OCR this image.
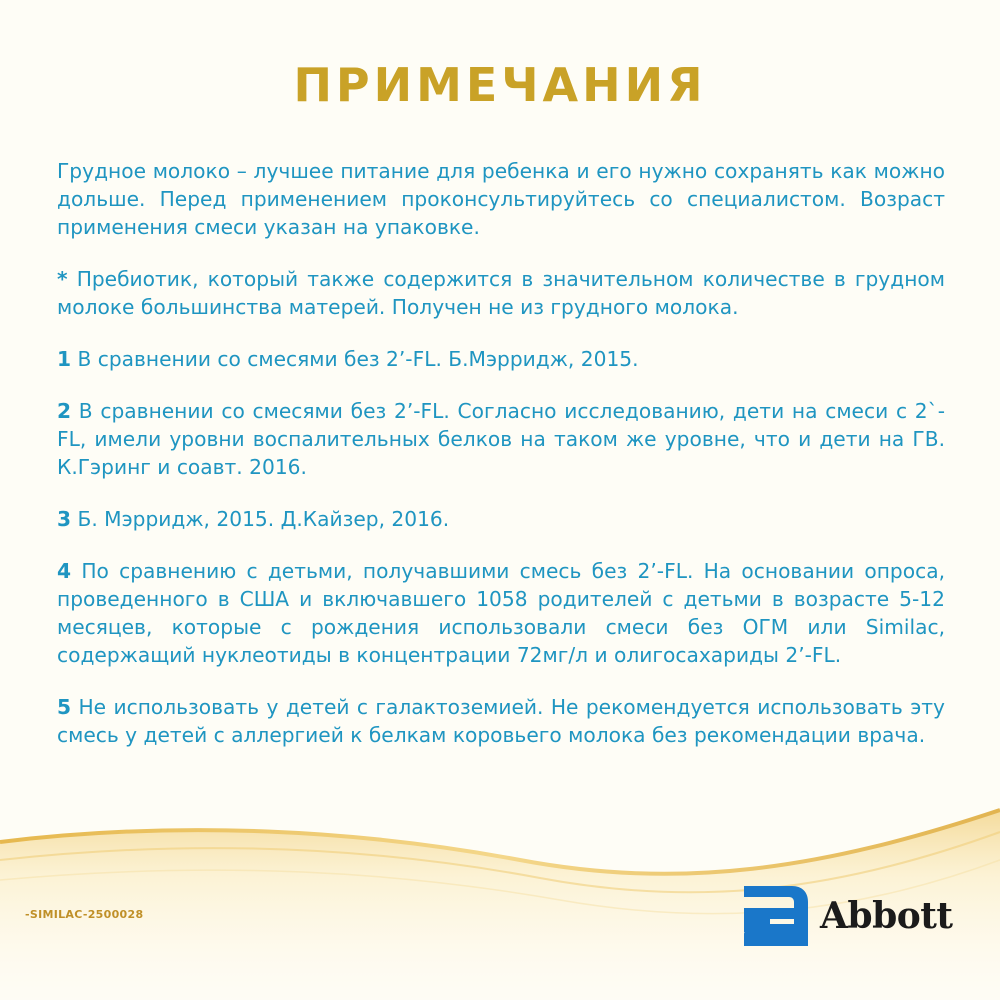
ПРИМЕЧАНИЯ

Грудное молоко – лучшее питание для ребенка и его нужно сохранять как можно дольше. Перед применением проконсультируйтесь со специалистом. Возраст применения смеси указан на упаковке.

* Пребиотик, который также содержится в значительном количестве в грудном молоке большинства матерей. Получен не из грудного молока.

1 В сравнении со смесями без 2’-FL. Б.Мэрридж, 2015.

2 В сравнении со смесями без 2’-FL. Согласно исследованию, дети на смеси с 2`-FL, имели уровни воспалительных белков на таком же уровне, что и дети на ГВ. К.Гэринг и соавт. 2016.

3 Б. Мэрридж, 2015. Д.Кайзер, 2016.

4 По сравнению с детьми, получавшими смесь без 2’-FL. На основании опроса, проведенного в США и включавшего 1058 родителей с детьми в возрасте 5-12 месяцев, которые с рождения использовали смеси без ОГМ или Similac, содержащий нуклеотиды в концентрации 72мг/л и олигосахариды 2’-FL.

5 Не использовать у детей с галактоземией. Не рекомендуется использовать эту смесь у детей с аллергией к белкам коровьего молока без рекомендации врача.

-SIMILAC-2500028	Abbott
